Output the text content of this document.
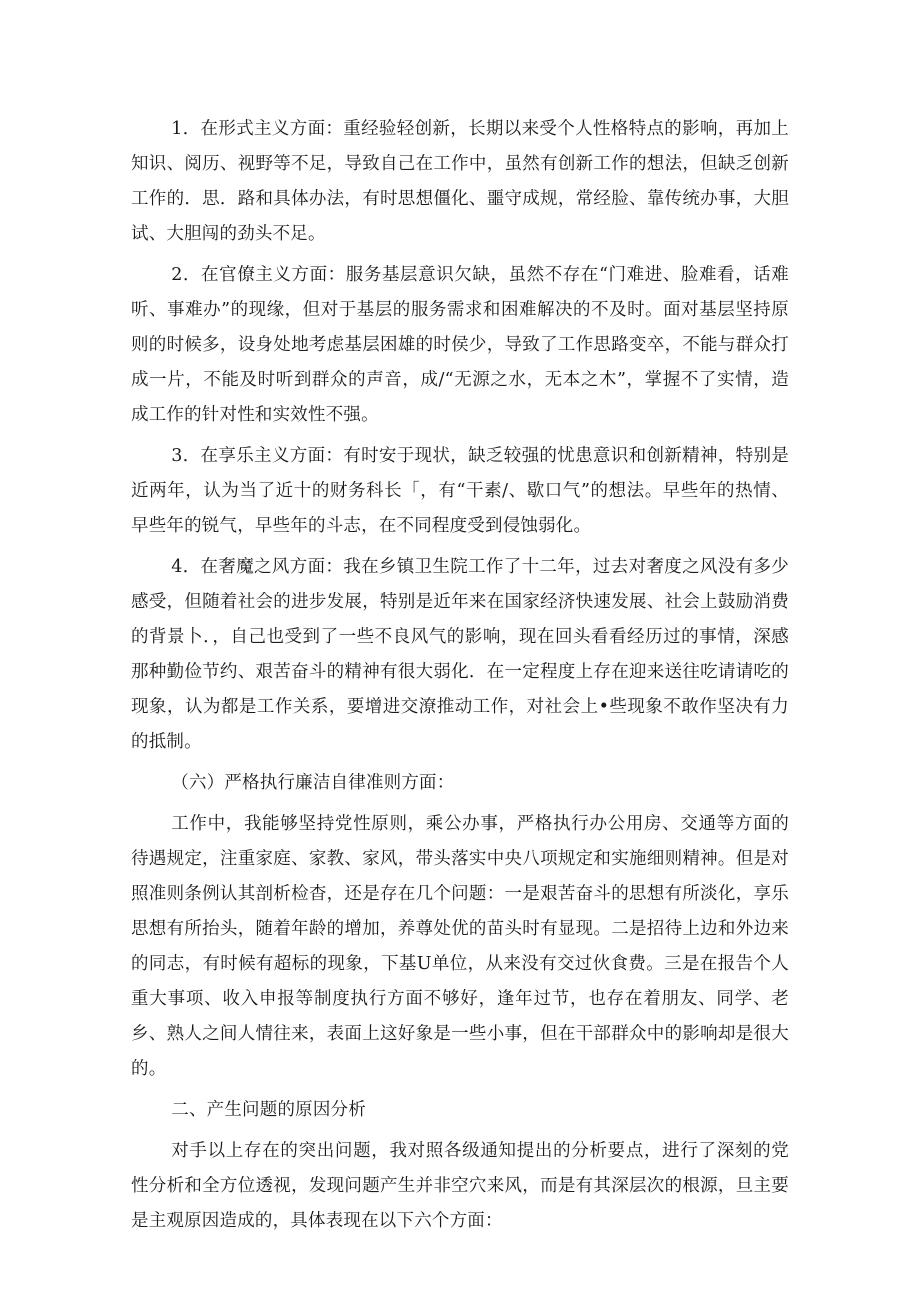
1．在形式主义方面：重经验轻创新，长期以来受个人性格特点的影响，再加上知识、阅历、视野等不足，导致自己在工作中，虽然有创新工作的想法，但缺乏创新工作的．思．路和具体办法，有时思想僵化、噩守成规，常经脸、靠传统办事，大胆试、大胆闯的劲头不足。

2．在官僚主义方面：服务基层意识欠缺，虽然不存在“门难进、脸难看，话难听、事难办”的现缘，但对于基层的服务需求和困难解决的不及时。面对基层坚持原则的时候多，设身处地考虑基层困雄的时侯少，导致了工作思路变卒，不能与群众打成一片，不能及时听到群众的声音，成/“无源之水，无本之木”，掌握不了实情，造成工作的针对性和实效性不强。

3．在享乐主义方面：有时安于现状，缺乏较强的忧患意识和创新精神，特别是近两年，认为当了近十的财务科长「，有“干素/、歇口气”的想法。早些年的热情、早些年的锐气，早些年的斗志，在不同程度受到侵蚀弱化。

4．在奢魔之风方面：我在乡镇卫生院工作了十二年，过去对奢度之风没有多少感受，但随着社会的进步发展，特别是近年来在国家经济快速发展、社会上鼓励消费的背景卜．，自己也受到了一些不良风气的影响，现在回头看看经历过的事情，深感那种勤俭节约、艰苦奋斗的精神有很大弱化．在一定程度上存在迎来送往吃请请吃的现象，认为都是工作关系，要增进交潦推动工作，对社会上•些现象不敢作坚决有力的抵制。

（六）严格执行廉洁自律准则方面：

工作中，我能够坚持党性原则，乘公办事，严格执行办公用房、交通等方面的待遇规定，注重家庭、家教、家风，带头落实中央八项规定和实施细则精神。但是对照准则条例认其剖析检杳，还是存在几个问题：一是艰苦奋斗的思想有所淡化，享乐思想有所抬头，随着年龄的增加，养尊处优的苗头时有显现。二是招待上边和外边来的同志，有时候有超标的现象，下基U单位，从来没有交过伙食费。三是在报告个人重大事项、收入申报等制度执行方面不够好，逢年过节，也存在着朋友、同学、老乡、熟人之间人情往来，表面上这好象是一些小事，但在干部群众中的影响却是很大的。

二、产生问题的原因分析

对手以上存在的突出问题，我对照各级通知提出的分析要点，进行了深刻的党性分析和全方位透视，发现问题产生并非空穴来风，而是有其深层次的根源，旦主要是主观原因造成的，具体表现在以下六个方面：
